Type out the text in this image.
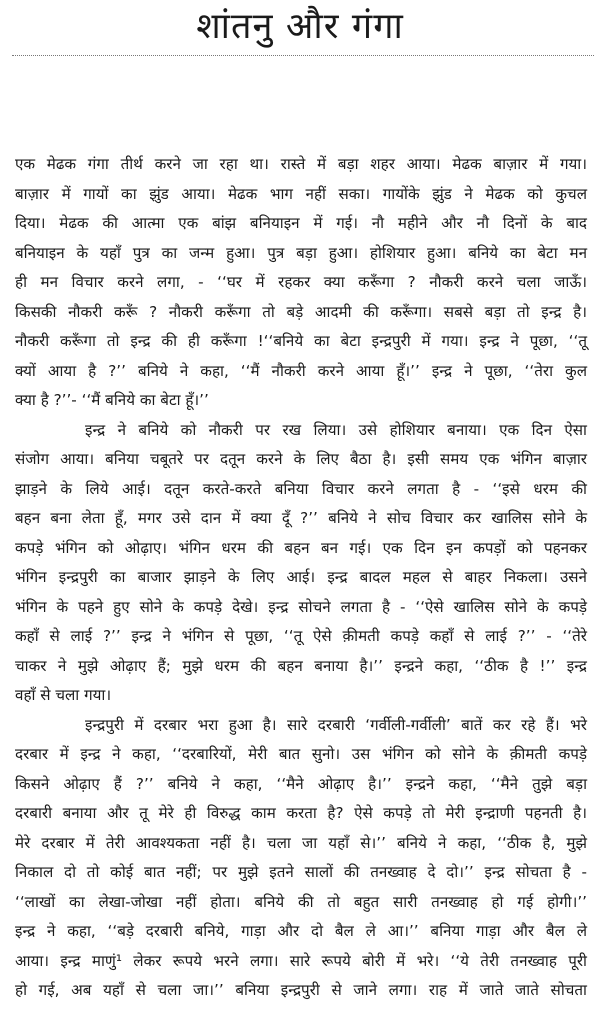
शांतनु और गंगा
एक मेढक गंगा तीर्थ करने जा रहा था। रास्ते में बड़ा शहर आया। मेढक बाज़ार में गया।
बाज़ार में गायों का झुंड आया। मेढक भाग नहीं सका। गायोंके झुंड ने मेढक को कुचल
दिया। मेढक की आत्मा एक बांझ बनियाइन में गई। नौ महीने और नौ दिनों के बाद
बनियाइन के यहाँ पुत्र का जन्म हुआ। पुत्र बड़ा हुआ। होशियार हुआ। बनिये का बेटा मन
ही मन विचार करने लगा, - ‘‘घर में रहकर क्या करूँगा ? नौकरी करने चला जाऊँ।
किसकी नौकरी करूँ ? नौकरी करूँगा तो बड़े आदमी की करूँगा। सबसे बड़ा तो इन्द्र है।
नौकरी करूँगा तो इन्द्र की ही करूँगा !‘‘बनिये का बेटा इन्द्रपुरी में गया। इन्द्र ने पूछा, ‘‘तू
क्यों आया है ?’’ बनिये ने कहा, ‘‘मैं नौकरी करने आया हूँ।’’ इन्द्र ने पूछा, ‘‘तेरा कुल
क्या है ?’’- ‘‘मैं बनिये का बेटा हूँ।’’
इन्द्र ने बनिये को नौकरी पर रख लिया। उसे होशियार बनाया। एक दिन ऐसा
संजोग आया। बनिया चबूतरे पर दतून करने के लिए बैठा है। इसी समय एक भंगिन बाज़ार
झाड़ने के लिये आई। दतून करते-करते बनिया विचार करने लगता है - ‘‘इसे धरम की
बहन बना लेता हूँ, मगर उसे दान में क्या दूँ ?’’ बनिये ने सोच विचार कर खालिस सोने के
कपड़े भंगिन को ओढ़ाए। भंगिन धरम की बहन बन गई। एक दिन इन कपड़ों को पहनकर
भंगिन इन्द्रपुरी का बाजार झाड़ने के लिए आई। इन्द्र बादल महल से बाहर निकला। उसने
भंगिन के पहने हुए सोने के कपड़े देखे। इन्द्र सोचने लगता है - ‘‘ऐसे खालिस सोने के कपड़े
कहाँ से लाई ?’’ इन्द्र ने भंगिन से पूछा, ‘‘तू ऐसे क़ीमती कपड़े कहाँ से लाई ?’’ - ‘‘तेरे
चाकर ने मुझे ओढ़ाए हैं; मुझे धरम की बहन बनाया है।’’ इन्द्रने कहा, ‘‘ठीक है !’’ इन्द्र
वहाँ से चला गया।
इन्द्रपुरी में दरबार भरा हुआ है। सारे दरबारी ‘गर्वीली-गर्वीली’ बातें कर रहे हैं। भरे
दरबार में इन्द्र ने कहा, ‘‘दरबारियों, मेरी बात सुनो। उस भंगिन को सोने के क़ीमती कपड़े
किसने ओढ़ाए हैं ?’’ बनिये ने कहा, ‘‘मैने ओढ़ाए है।’’ इन्द्रने कहा, ‘‘मैने तुझे बड़ा
दरबारी बनाया और तू मेरे ही विरुद्ध काम करता है? ऐसे कपड़े तो मेरी इन्द्राणी पहनती है।
मेरे दरबार में तेरी आवश्यकता नहीं है। चला जा यहाँ से।’’ बनिये ने कहा, ‘‘ठीक है, मुझे
निकाल दो तो कोई बात नहीं; पर मुझे इतने सालों की तनख्वाह दे दो।’’ इन्द्र सोचता है -
‘‘लाखों का लेखा-जोखा नहीं होता। बनिये की तो बहुत सारी तनख्वाह हो गई होगी।’’
इन्द्र ने कहा, ‘‘बड़े दरबारी बनिये, गाड़ा और दो बैल ले आ।’’ बनिया गाड़ा और बैल ले
आया। इन्द्र माणुं¹ लेकर रूपये भरने लगा। सारे रूपये बोरी में भरे। ‘‘ये तेरी तनख्वाह पूरी
हो गई, अब यहाँ से चला जा।’’ बनिया इन्द्रपुरी से जाने लगा। राह में जाते जाते सोचता
